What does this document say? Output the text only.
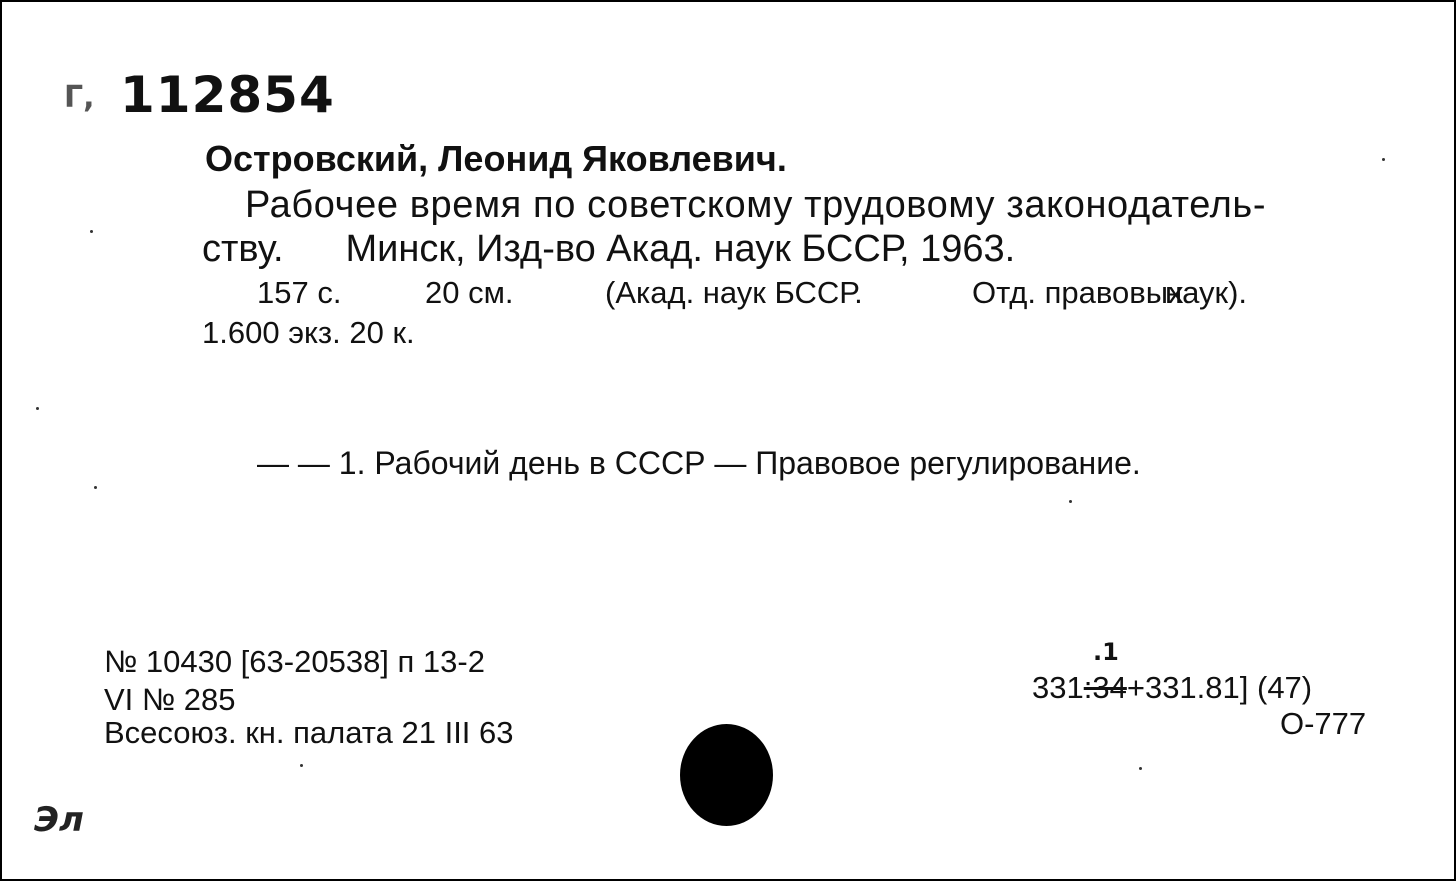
Г, 112854
Островский, Леонид Яковлевич.
Рабочее время по советскому трудовому законодатель-
ству. Минск, Изд-во Акад. наук БССР, 1963.
157 с.	20 см.	(Акад. наук БССР.	Отд. правовых
наук).
1.600 экз. 20 к.
— — 1. Рабочий день в СССР — Правовое регулирование.
№ 10430 [63-20538] п 13-2
VI № 285
Всесоюз. кн. палата 21 III 63
.1
331:34+331.81] (47)
О-777
Эл
